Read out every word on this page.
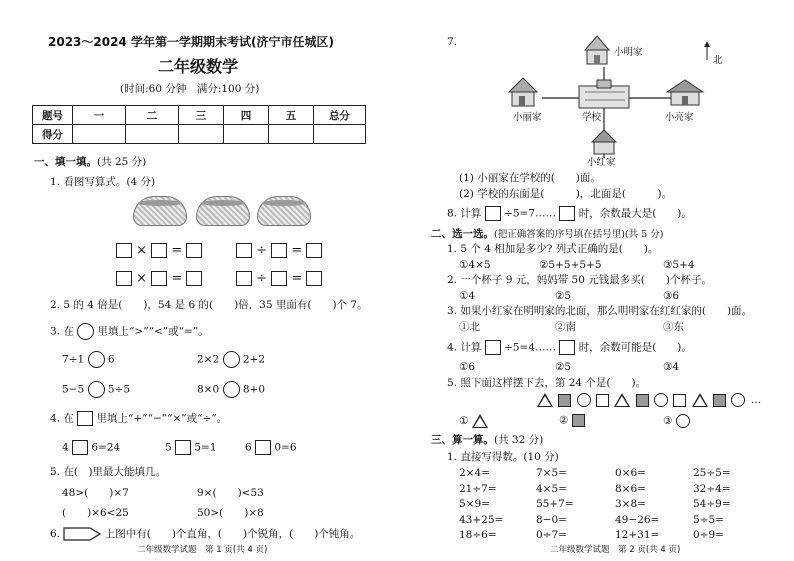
2023～2024 学年第一学期期末考试(济宁市任城区)
二年级数学
(时间:60 分钟　满分:100 分)
题号	一	二	三	四	五	总分
得分						
一、填一填。(共 25 分)
1. 看图写算式。(4 分)
× =	÷ =
× =	÷ =
2. 5 的 4 倍是(　　)，54 是 6 的(　　)倍，35 里面有(　　)个 7。
3. 在 里填上“>”“<”或“=”。
7÷1 6	2×2 2+2
5−5 5÷5	8×0 8+0
4. 在 里填上“+”“−”“×”或“÷”。
4 6=24	5 5=1	6 0=6
5. 在(　)里最大能填几。
48>(　　)×7	9×(　　)<53
(　　)×6<25	50>(　　)×8
6.	上图中有(　　)个直角，(　　)个锐角，(　　)个钝角。
二年级数学试题　第 1 页(共 4 页)
7.
小明家
北
小丽家	学校	小亮家
小红家
(1) 小丽家在学校的(　　)面。
(2) 学校的东面是(　　　)，北面是(　　　)。
8. 计算 ÷5=7…… 时，余数最大是(　　)。
二、选一选。(把正确答案的序号填在括号里)(共 5 分)
1. 5 个 4 相加是多少? 列式正确的是(　　)。
①4×5	②5+5+5+5	③5+4
2. 一个杯子 9 元，妈妈带 50 元钱最多买(　　)个杯子。
①4	②5	③6
3. 如果小红家在明明家的北面，那么明明家在红红家的(　　)面。
①北	②南	③东
4. 计算 ÷5=4…… 时，余数可能是(　　)。
①6	②5	③4
5. 照下面这样摆下去，第 24 个是(　　)。
…
①	②	③
三、算一算。(共 32 分)
1. 直接写得数。(10 分)
2×4=	7×5=	0×6=	25÷5=
21÷7=	4×5=	8×6=	32÷4=
5×9=	55+7=	3×8=	54÷9=
43+25=	8−0=	49−26=	5÷5=
18÷6=	0÷7=	12+31=	0÷9=
二年级数学试题　第 2 页(共 4 页)
